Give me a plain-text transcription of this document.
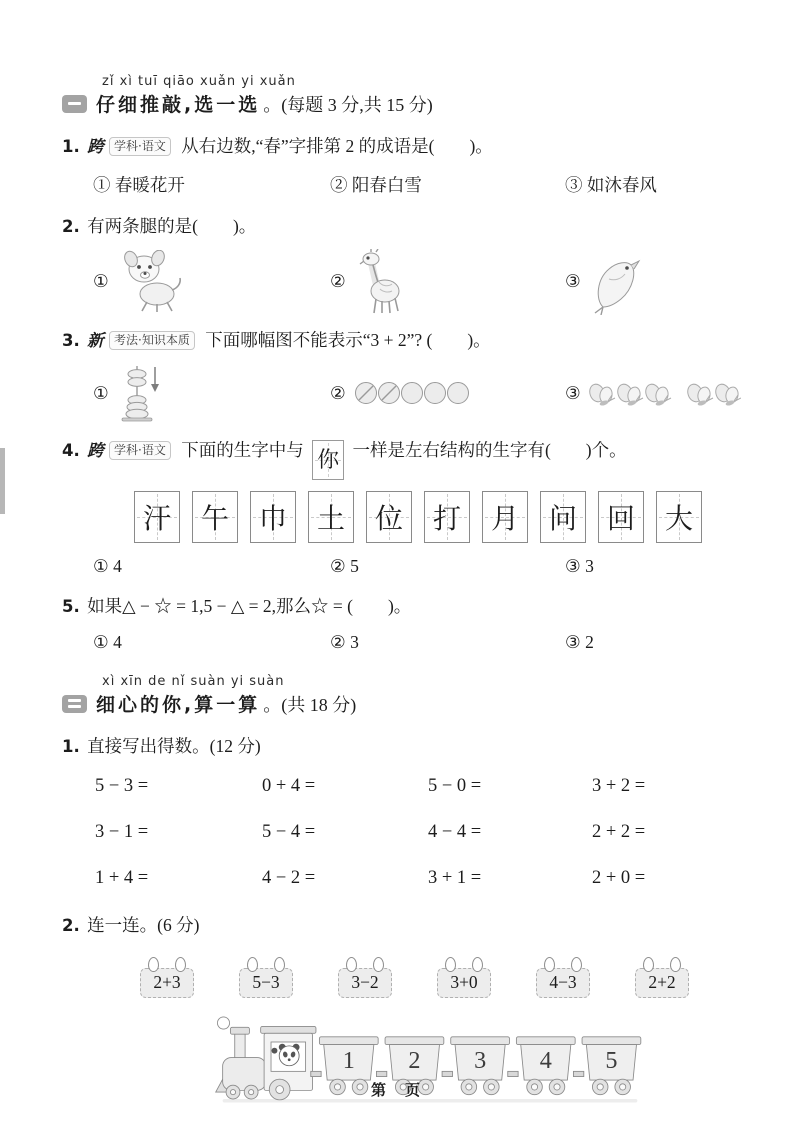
zǐ xì tuī qiāo xuǎn yi xuǎn
仔细推敲,选一选 。(每题 3 分,共 15 分)
1. 跨 学科·语文 从右边数,“春”字排第 2 的成语是(　　)。
① 春暖花开	② 阳春白雪	③ 如沐春风
2. 有两条腿的是(　　)。
①	②	③
3. 新 考法·知识本质 下面哪幅图不能表示“3 + 2”? (　　)。
①	②	③
4. 跨 学科·语文 下面的生字中与 你 一样是左右结构的生字有(　　)个。
汗 午 巾 土 位 打 月 问 回 大
① 4	② 5	③ 3
5. 如果△ − ☆ = 1,5 − △ = 2,那么☆ = (　　)。
① 4	② 3	③ 2
xì xīn de nǐ suàn yi suàn
细心的你,算一算 。(共 18 分)
1. 直接写出得数。(12 分)
5 − 3 =	0 + 4 =	5 − 0 =	3 + 2 =
3 − 1 =	5 − 4 =	4 − 4 =	2 + 2 =
1 + 4 =	4 − 2 =	3 + 1 =	2 + 0 =
2. 连一连。(6 分)
2+3	5−3	3−2	3+0	4−3	2+2
1 2 3 4 5
第　页
